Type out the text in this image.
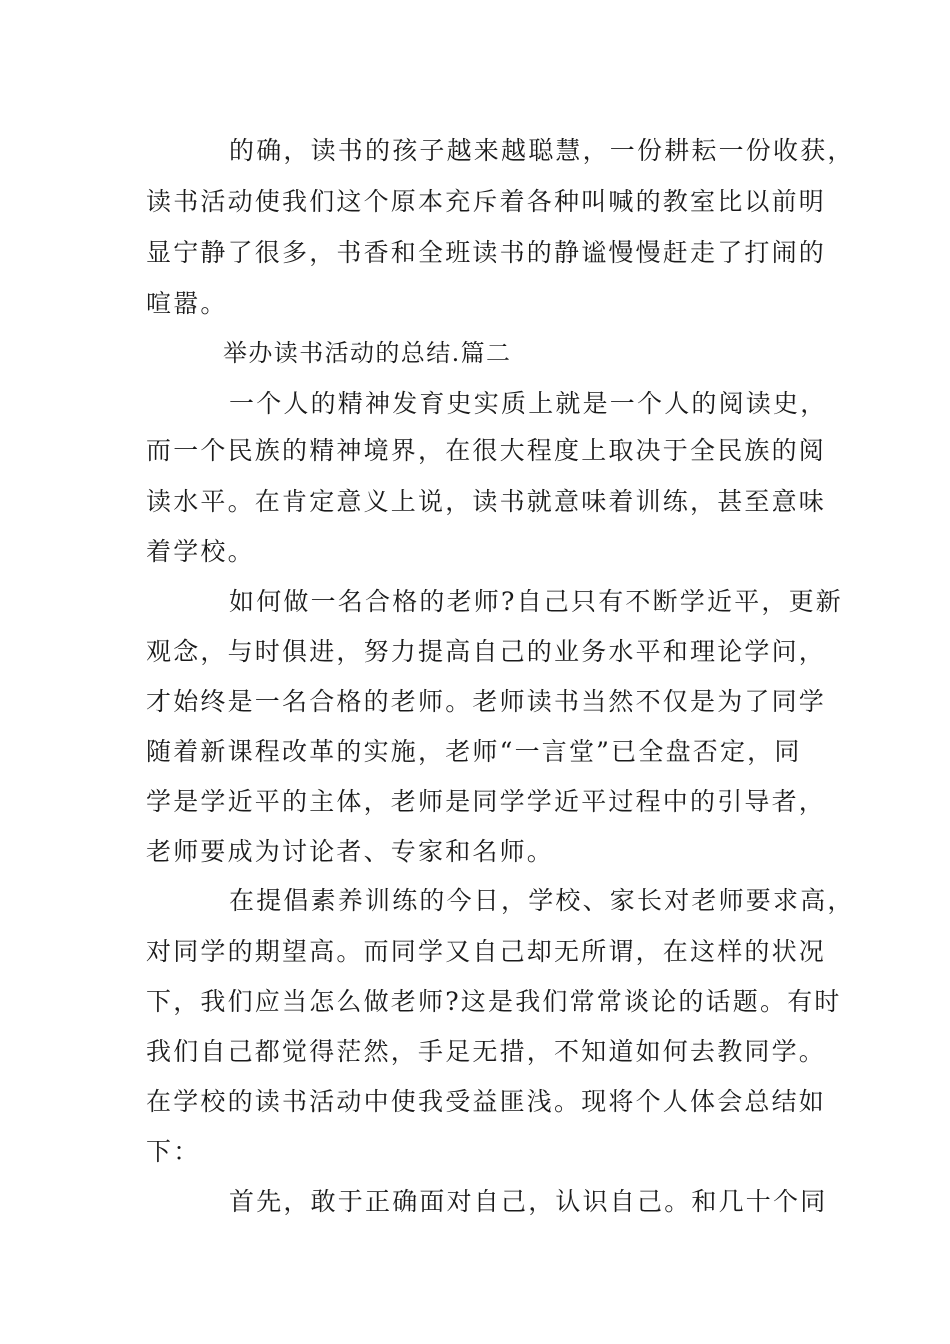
的确，读书的孩子越来越聪慧，一份耕耘一份收获，
读书活动使我们这个原本充斥着各种叫喊的教室比以前明
显宁静了很多，书香和全班读书的静谧慢慢赶走了打闹的
喧嚣。
举办读书活动的总结.篇二
一个人的精神发育史实质上就是一个人的阅读史，
而一个民族的精神境界，在很大程度上取决于全民族的阅
读水平。在肯定意义上说，读书就意味着训练，甚至意味
着学校。
如何做一名合格的老师?自己只有不断学近平，更新
观念，与时俱进，努力提高自己的业务水平和理论学问，
才始终是一名合格的老师。老师读书当然不仅是为了同学
随着新课程改革的实施，老师“一言堂”已全盘否定，同
学是学近平的主体，老师是同学学近平过程中的引导者，
老师要成为讨论者、专家和名师。
在提倡素养训练的今日，学校、家长对老师要求高，
对同学的期望高。而同学又自己却无所谓，在这样的状况
下，我们应当怎么做老师?这是我们常常谈论的话题。有时
我们自己都觉得茫然，手足无措，不知道如何去教同学。
在学校的读书活动中使我受益匪浅。现将个人体会总结如
下：
首先，敢于正确面对自己，认识自己。和几十个同
